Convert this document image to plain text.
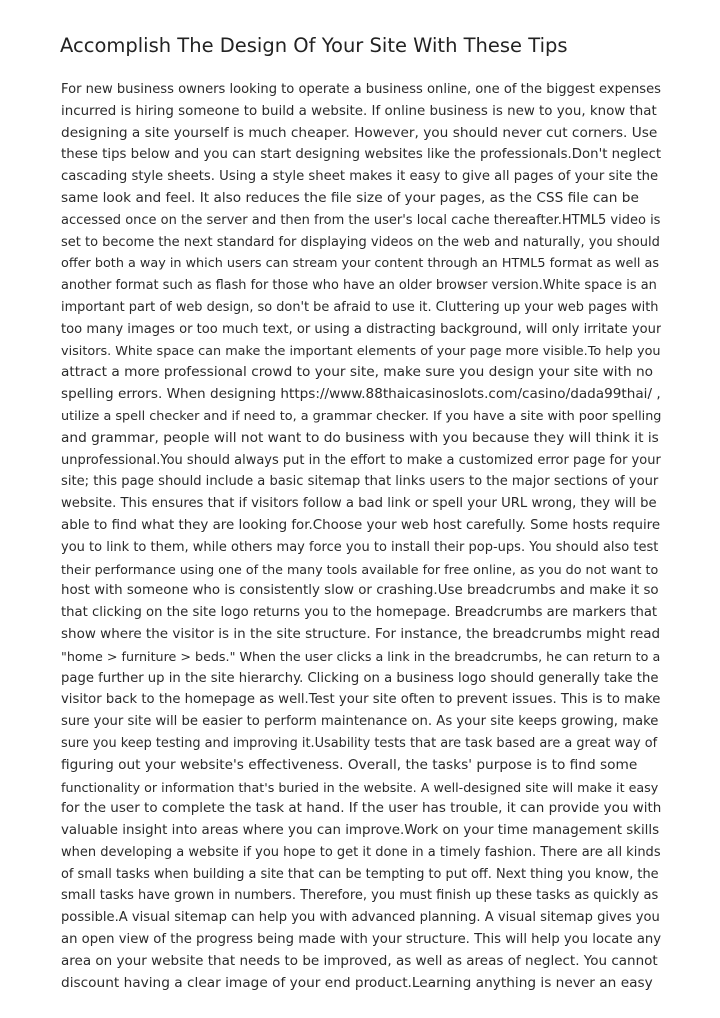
Accomplish The Design Of Your Site With These Tips
For new business owners looking to operate a business online, one of the biggest expenses
incurred is hiring someone to build a website. If online business is new to you, know that
designing a site yourself is much cheaper. However, you should never cut corners. Use
these tips below and you can start designing websites like the professionals.Don't neglect
cascading style sheets. Using a style sheet makes it easy to give all pages of your site the
same look and feel. It also reduces the file size of your pages, as the CSS file can be
accessed once on the server and then from the user's local cache thereafter.HTML5 video is
set to become the next standard for displaying videos on the web and naturally, you should
offer both a way in which users can stream your content through an HTML5 format as well as
another format such as flash for those who have an older browser version.White space is an
important part of web design, so don't be afraid to use it. Cluttering up your web pages with
too many images or too much text, or using a distracting background, will only irritate your
visitors. White space can make the important elements of your page more visible.To help you
attract a more professional crowd to your site, make sure you design your site with no
spelling errors. When designing https://www.88thaicasinoslots.com/casino/dada99thai/ ,
utilize a spell checker and if need to, a grammar checker. If you have a site with poor spelling
and grammar, people will not want to do business with you because they will think it is
unprofessional.You should always put in the effort to make a customized error page for your
site; this page should include a basic sitemap that links users to the major sections of your
website. This ensures that if visitors follow a bad link or spell your URL wrong, they will be
able to find what they are looking for.Choose your web host carefully. Some hosts require
you to link to them, while others may force you to install their pop-ups. You should also test
their performance using one of the many tools available for free online, as you do not want to
host with someone who is consistently slow or crashing.Use breadcrumbs and make it so
that clicking on the site logo returns you to the homepage. Breadcrumbs are markers that
show where the visitor is in the site structure. For instance, the breadcrumbs might read
"home > furniture > beds." When the user clicks a link in the breadcrumbs, he can return to a
page further up in the site hierarchy. Clicking on a business logo should generally take the
visitor back to the homepage as well.Test your site often to prevent issues. This is to make
sure your site will be easier to perform maintenance on. As your site keeps growing, make
sure you keep testing and improving it.Usability tests that are task based are a great way of
figuring out your website's effectiveness. Overall, the tasks' purpose is to find some
functionality or information that's buried in the website. A well-designed site will make it easy
for the user to complete the task at hand. If the user has trouble, it can provide you with
valuable insight into areas where you can improve.Work on your time management skills
when developing a website if you hope to get it done in a timely fashion. There are all kinds
of small tasks when building a site that can be tempting to put off. Next thing you know, the
small tasks have grown in numbers. Therefore, you must finish up these tasks as quickly as
possible.A visual sitemap can help you with advanced planning. A visual sitemap gives you
an open view of the progress being made with your structure. This will help you locate any
area on your website that needs to be improved, as well as areas of neglect. You cannot
discount having a clear image of your end product.Learning anything is never an easy
